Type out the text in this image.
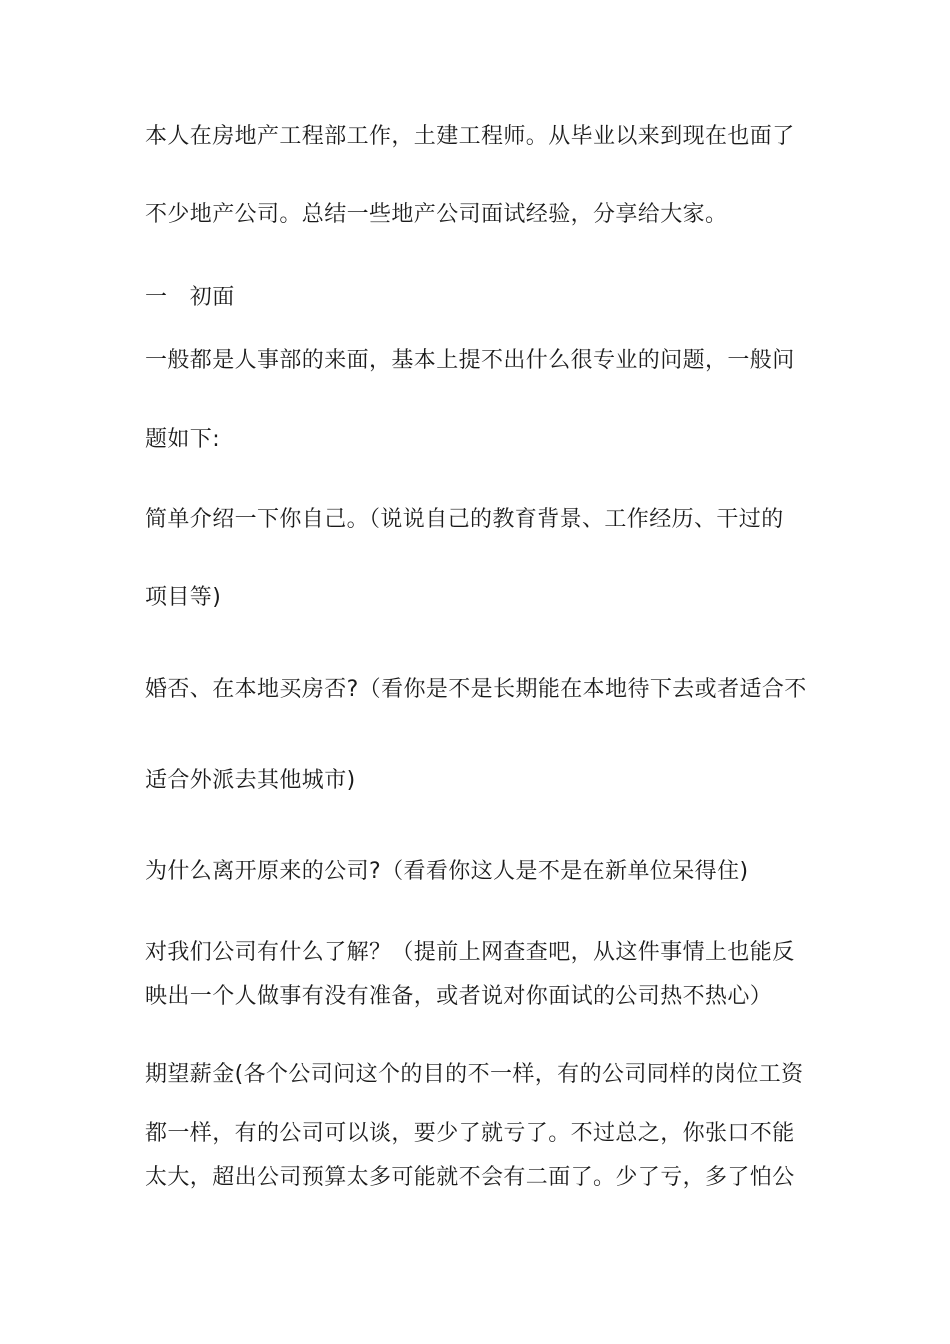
本人在房地产工程部工作，土建工程师。从毕业以来到现在也面了
不少地产公司。总结一些地产公司面试经验，分享给大家。
一　初面
一般都是人事部的来面，基本上提不出什么很专业的问题，一般问
题如下:
简单介绍一下你自己。（说说自己的教育背景、工作经历、干过的
项目等)
婚否、在本地买房否?（看你是不是长期能在本地待下去或者适合不
适合外派去其他城市)
为什么离开原来的公司?（看看你这人是不是在新单位呆得住)
对我们公司有什么了解？（提前上网查查吧，从这件事情上也能反
映出一个人做事有没有准备，或者说对你面试的公司热不热心）
期望薪金(各个公司问这个的目的不一样，有的公司同样的岗位工资
都一样，有的公司可以谈，要少了就亏了。不过总之，你张口不能
太大，超出公司预算太多可能就不会有二面了。少了亏，多了怕公
